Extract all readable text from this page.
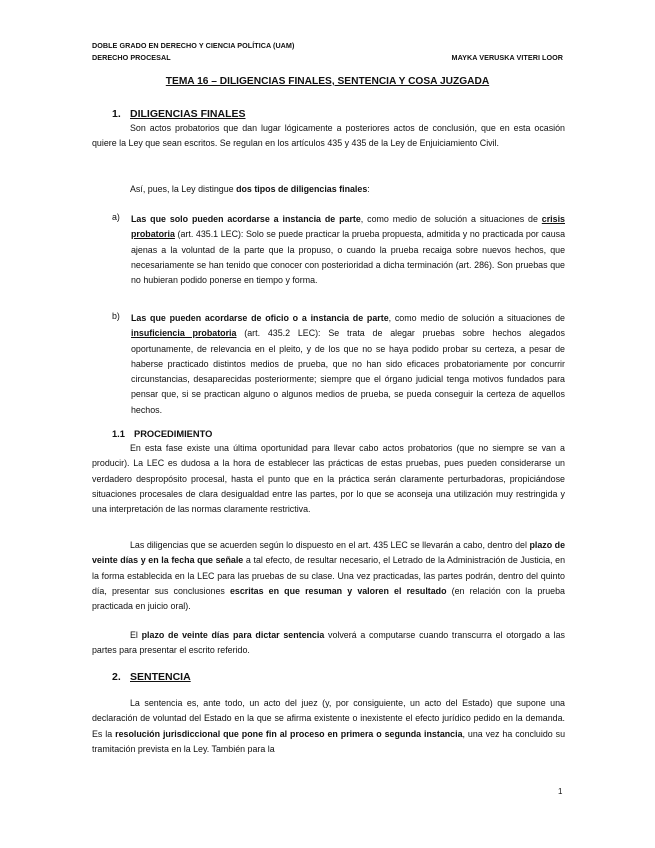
DOBLE GRADO EN DERECHO Y CIENCIA POLÍTICA (UAM)
DERECHO PROCESAL	MAYKA VERUSKA VITERI LOOR
TEMA 16 – DILIGENCIAS FINALES, SENTENCIA Y COSA JUZGADA
1. DILIGENCIAS FINALES
Son actos probatorios que dan lugar lógicamente a posteriores actos de conclusión, que en esta ocasión quiere la Ley que sean escritos. Se regulan en los artículos 435 y 435 de la Ley de Enjuiciamiento Civil.
Así, pues, la Ley distingue dos tipos de diligencias finales:
a) Las que solo pueden acordarse a instancia de parte, como medio de solución a situaciones de crisis probatoria (art. 435.1 LEC): Solo se puede practicar la prueba propuesta, admitida y no practicada por causa ajenas a la voluntad de la parte que la propuso, o cuando la prueba recaiga sobre nuevos hechos, que necesariamente se han tenido que conocer con posterioridad a dicha terminación (art. 286). Son pruebas que no hubieran podido ponerse en tiempo y forma.
b) Las que pueden acordarse de oficio o a instancia de parte, como medio de solución a situaciones de insuficiencia probatoria (art. 435.2 LEC): Se trata de alegar pruebas sobre hechos alegados oportunamente, de relevancia en el pleito, y de los que no se haya podido probar su certeza, a pesar de haberse practicado distintos medios de prueba, que no han sido eficaces probatoriamente por concurrir circunstancias, desaparecidas posteriormente; siempre que el órgano judicial tenga motivos fundados para pensar que, si se practican alguno o algunos medios de prueba, se pueda conseguir la certeza de aquellos hechos.
1.1 PROCEDIMIENTO
En esta fase existe una última oportunidad para llevar cabo actos probatorios (que no siempre se van a producir). La LEC es dudosa a la hora de establecer las prácticas de estas pruebas, pues pueden considerarse un verdadero despropósito procesal, hasta el punto que en la práctica serán claramente perturbadoras, propiciándose situaciones procesales de clara desigualdad entre las partes, por lo que se aconseja una utilización muy restringida y una interpretación de las normas claramente restrictiva.
Las diligencias que se acuerden según lo dispuesto en el art. 435 LEC se llevarán a cabo, dentro del plazo de veinte días y en la fecha que señale a tal efecto, de resultar necesario, el Letrado de la Administración de Justicia, en la forma establecida en la LEC para las pruebas de su clase. Una vez practicadas, las partes podrán, dentro del quinto día, presentar sus conclusiones escritas en que resuman y valoren el resultado (en relación con la prueba practicada en juicio oral).
El plazo de veinte días para dictar sentencia volverá a computarse cuando transcurra el otorgado a las partes para presentar el escrito referido.
2. SENTENCIA
La sentencia es, ante todo, un acto del juez (y, por consiguiente, un acto del Estado) que supone una declaración de voluntad del Estado en la que se afirma existente o inexistente el efecto jurídico pedido en la demanda. Es la resolución jurisdiccional que pone fin al proceso en primera o segunda instancia, una vez ha concluido su tramitación prevista en la Ley. También para la
1
